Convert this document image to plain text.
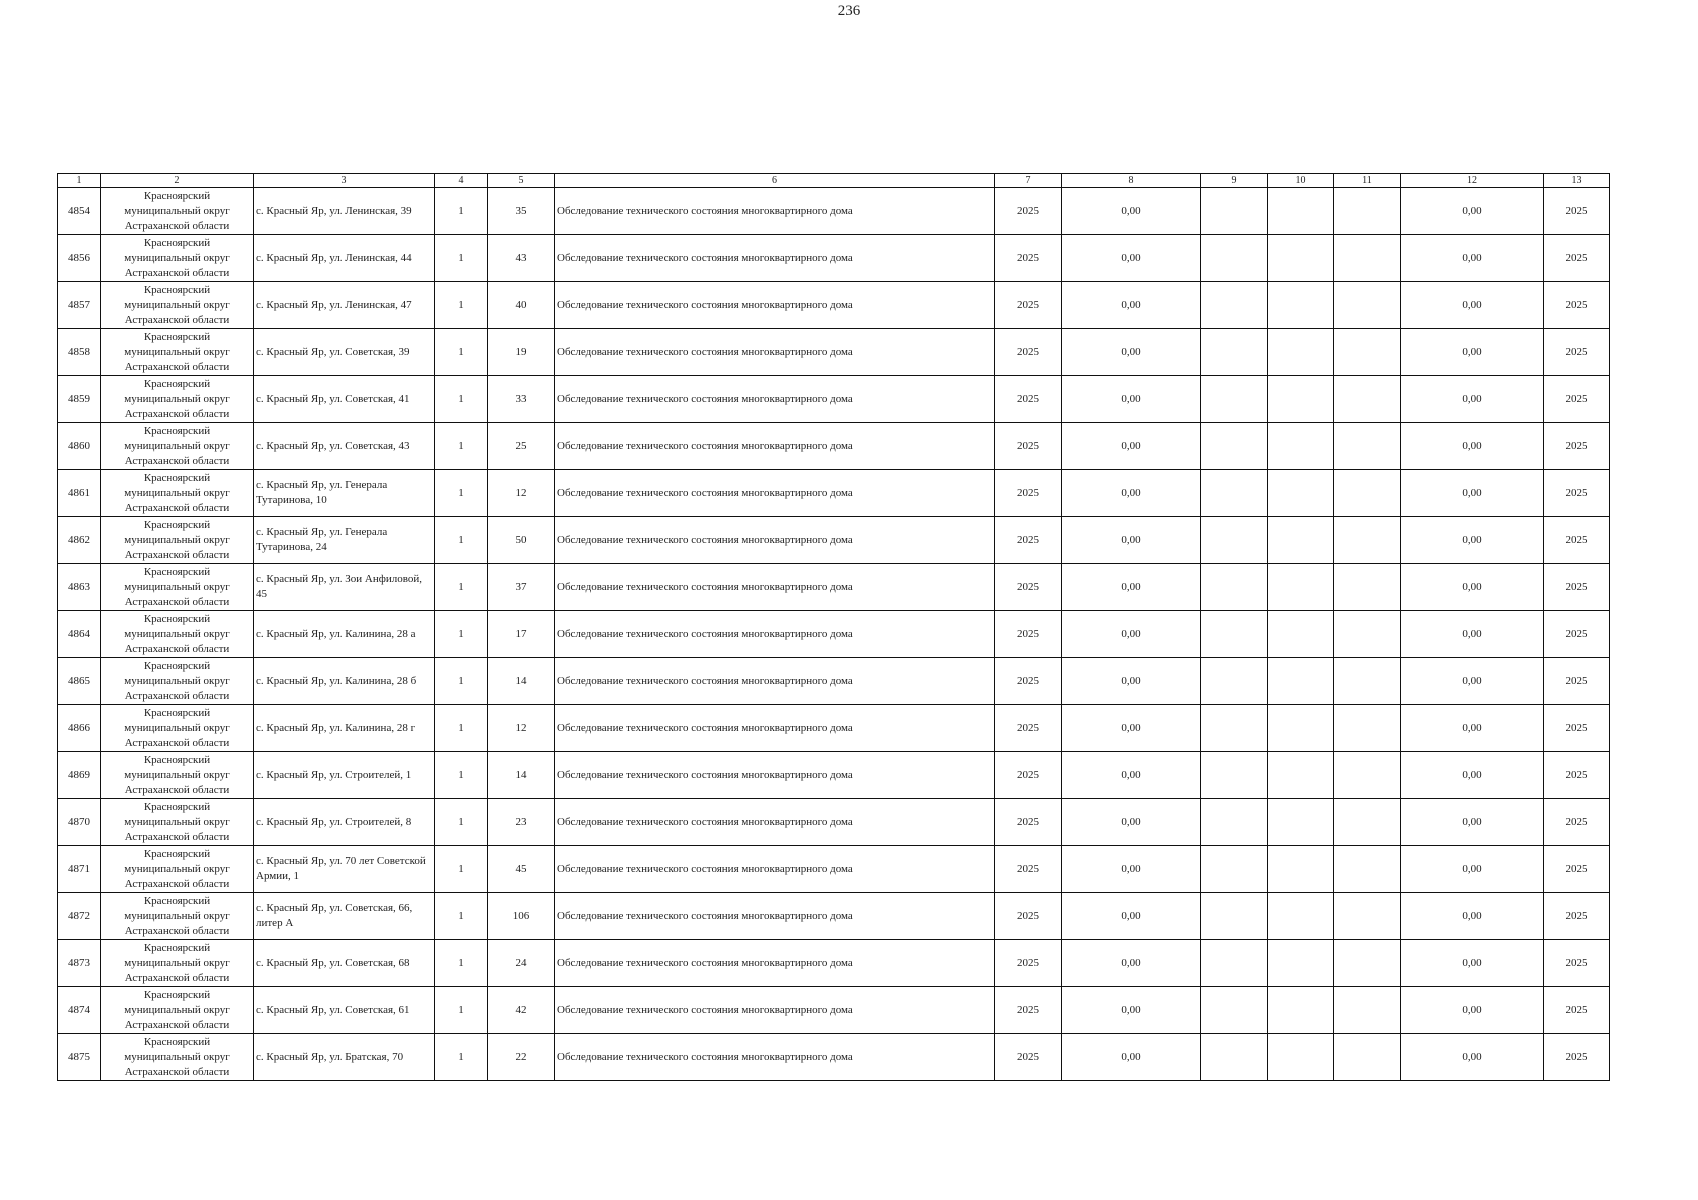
236
1	2	3	4	5	6	7	8	9	10	11	12	13
4854	Красноярский
муниципальный округ
Астраханской области	с. Красный Яр, ул. Ленинская, 39	1	35	Обследование технического состояния многоквартирного дома	2025	0,00				0,00	2025
4856	Красноярский
муниципальный округ
Астраханской области	с. Красный Яр, ул. Ленинская, 44	1	43	Обследование технического состояния многоквартирного дома	2025	0,00				0,00	2025
4857	Красноярский
муниципальный округ
Астраханской области	с. Красный Яр, ул. Ленинская, 47	1	40	Обследование технического состояния многоквартирного дома	2025	0,00				0,00	2025
4858	Красноярский
муниципальный округ
Астраханской области	с. Красный Яр, ул. Советская, 39	1	19	Обследование технического состояния многоквартирного дома	2025	0,00				0,00	2025
4859	Красноярский
муниципальный округ
Астраханской области	с. Красный Яр, ул. Советская, 41	1	33	Обследование технического состояния многоквартирного дома	2025	0,00				0,00	2025
4860	Красноярский
муниципальный округ
Астраханской области	с. Красный Яр, ул. Советская, 43	1	25	Обследование технического состояния многоквартирного дома	2025	0,00				0,00	2025
4861	Красноярский
муниципальный округ
Астраханской области	с. Красный Яр, ул. Генерала Тутаринова, 10	1	12	Обследование технического состояния многоквартирного дома	2025	0,00				0,00	2025
4862	Красноярский
муниципальный округ
Астраханской области	с. Красный Яр, ул. Генерала Тутаринова, 24	1	50	Обследование технического состояния многоквартирного дома	2025	0,00				0,00	2025
4863	Красноярский
муниципальный округ
Астраханской области	с. Красный Яр, ул. Зои Анфиловой, 45	1	37	Обследование технического состояния многоквартирного дома	2025	0,00				0,00	2025
4864	Красноярский
муниципальный округ
Астраханской области	с. Красный Яр, ул. Калинина, 28 а	1	17	Обследование технического состояния многоквартирного дома	2025	0,00				0,00	2025
4865	Красноярский
муниципальный округ
Астраханской области	с. Красный Яр, ул. Калинина, 28 б	1	14	Обследование технического состояния многоквартирного дома	2025	0,00				0,00	2025
4866	Красноярский
муниципальный округ
Астраханской области	с. Красный Яр, ул. Калинина, 28 г	1	12	Обследование технического состояния многоквартирного дома	2025	0,00				0,00	2025
4869	Красноярский
муниципальный округ
Астраханской области	с. Красный Яр, ул. Строителей, 1	1	14	Обследование технического состояния многоквартирного дома	2025	0,00				0,00	2025
4870	Красноярский
муниципальный округ
Астраханской области	с. Красный Яр, ул. Строителей, 8	1	23	Обследование технического состояния многоквартирного дома	2025	0,00				0,00	2025
4871	Красноярский
муниципальный округ
Астраханской области	с. Красный Яр, ул. 70 лет Советской Армии, 1	1	45	Обследование технического состояния многоквартирного дома	2025	0,00				0,00	2025
4872	Красноярский
муниципальный округ
Астраханской области	с. Красный Яр, ул. Советская, 66, литер А	1	106	Обследование технического состояния многоквартирного дома	2025	0,00				0,00	2025
4873	Красноярский
муниципальный округ
Астраханской области	с. Красный Яр, ул. Советская, 68	1	24	Обследование технического состояния многоквартирного дома	2025	0,00				0,00	2025
4874	Красноярский
муниципальный округ
Астраханской области	с. Красный Яр, ул. Советская, 61	1	42	Обследование технического состояния многоквартирного дома	2025	0,00				0,00	2025
4875	Красноярский
муниципальный округ
Астраханской области	с. Красный Яр, ул. Братская, 70	1	22	Обследование технического состояния многоквартирного дома	2025	0,00				0,00	2025
